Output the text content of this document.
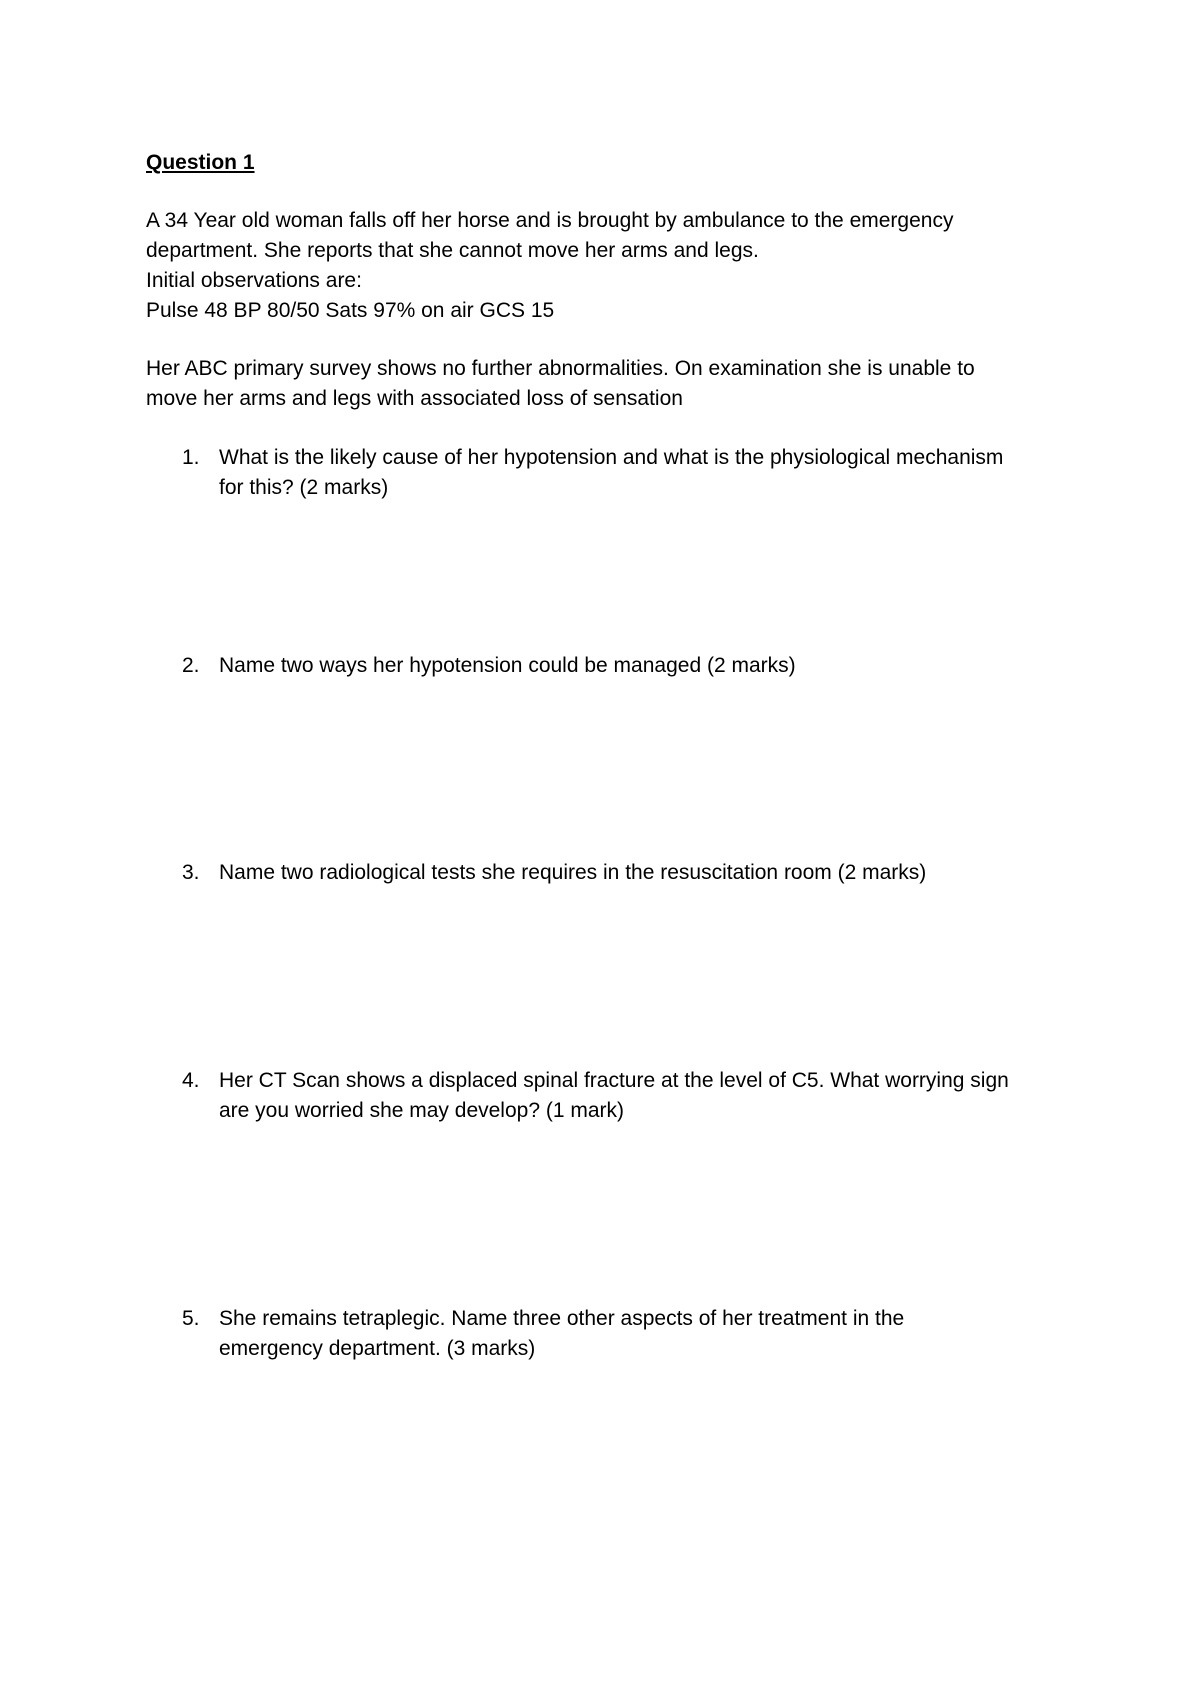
Question 1
A 34 Year old woman falls off her horse and is brought by ambulance to the emergency
department. She reports that she cannot move her arms and legs.
Initial observations are:
Pulse 48 BP 80/50 Sats 97% on air GCS 15
Her ABC primary survey shows no further abnormalities. On examination she is unable to
move her arms and legs with associated loss of sensation
1. What is the likely cause of her hypotension and what is the physiological mechanism
for this? (2 marks)
2. Name two ways her hypotension could be managed (2 marks)
3. Name two radiological tests she requires in the resuscitation room (2 marks)
4. Her CT Scan shows a displaced spinal fracture at the level of C5. What worrying sign
are you worried she may develop? (1 mark)
5. She remains tetraplegic. Name three other aspects of her treatment in the
emergency department. (3 marks)
